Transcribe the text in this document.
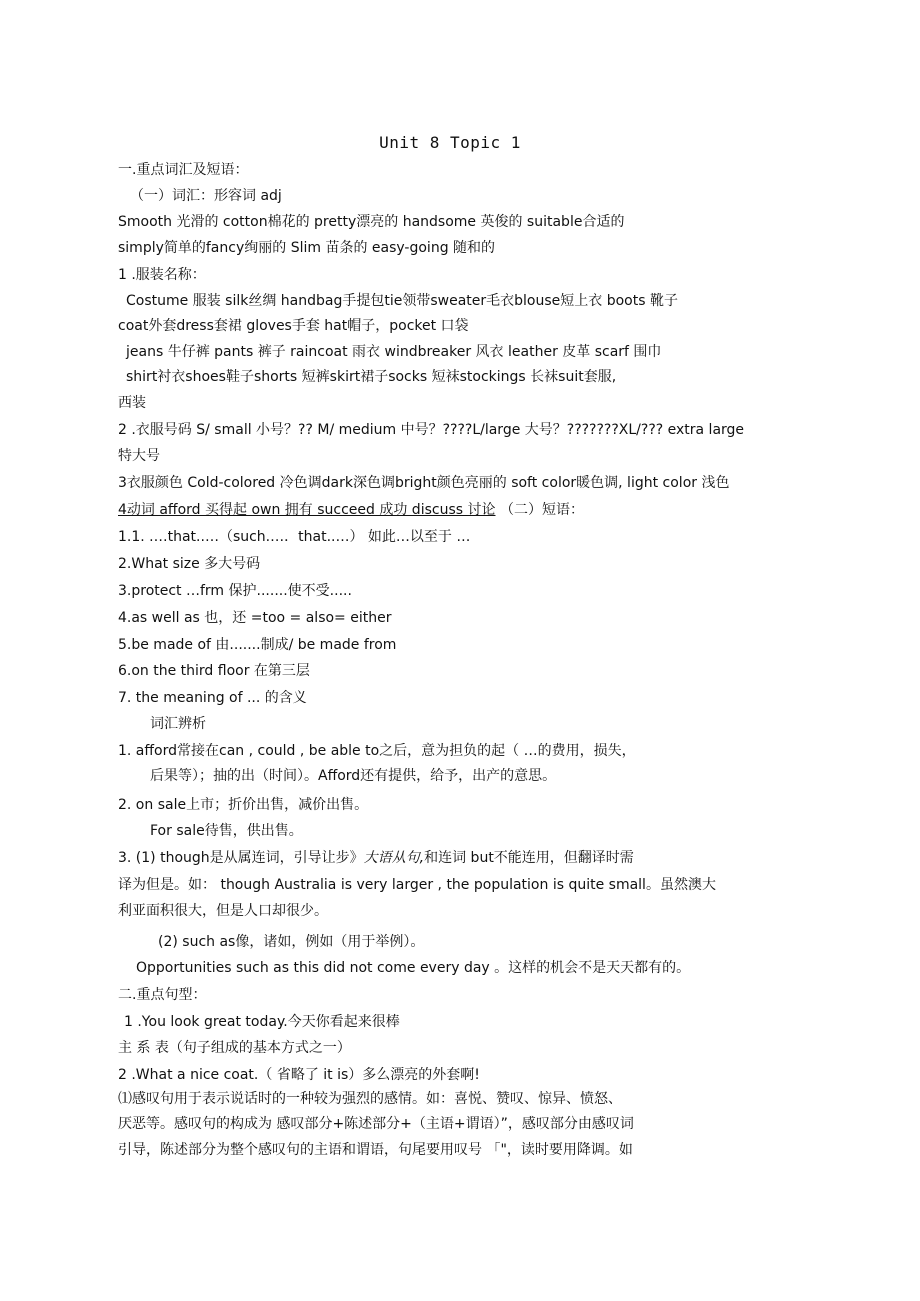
Unit 8 Topic 1
一.重点词汇及短语：
（一）词汇：形容词 adj
Smooth 光滑的 cotton棉花的 pretty漂亮的 handsome 英俊的 suitable合适的
simply简单的fancy绚丽的 Slim 苗条的 easy-going 随和的
1 .服装名称：
Costume 服装 silk丝绸 handbag手提包tie领带sweater毛衣blouse短上衣 boots 靴子
coat外套dress套裙 gloves手套 hat帽子，pocket 口袋
jeans 牛仔裤 pants 裤子 raincoat 雨衣 windbreaker 风衣 leather 皮革 scarf 围巾
shirt衬衣shoes鞋子shorts 短裤skirt裙子socks 短袜stockings 长袜suit套服,
西装
2 .衣服号码 S/ small 小号？?? M/ medium 中号？????L/large 大号？???????XL/??? extra large
特大号
3衣服颜色 Cold-colored 冷色调dark深色调bright颜色亮丽的 soft color暖色调, light color 浅色
4动词 afford 买得起 own 拥有 succeed 成功 discuss 讨论 （二）短语：
1.1. .…that..…（such.…．that..…） 如此…以至于 …
2.What size 多大号码
3.protect …frm 保护.......使不受.....
4.as well as 也，还 =too = also= either
5.be made of 由.......制成/ be made from
6.on the third floor 在第三层
7. the meaning of ... 的含义
词汇辨析
1. afford常接在can , could , be able to之后，意为担负的起（ …的费用，损失，
后果等）；抽的出（时间）。Afford还有提供，给予，出产的意思。
2. on sale上市；折价出售，减价出售。
For sale待售，供出售。
3. (1) though是从属连词，引导让步》大语从句,和连词 but不能连用，但翻译时需
译为但是。如： though Australia is very larger , the population is quite small。虽然澳大
利亚面积很大，但是人口却很少。
(2) such as像，诸如，例如（用于举例）。
Opportunities such as this did not come every day 。这样的机会不是天天都有的。
二.重点句型：
1 .You look great today.今天你看起来很棒
主 系 表（句子组成的基本方式之一）
2 .What a nice coat.（ 省略了 it is）多么漂亮的外套啊!
⑴感叹句用于表示说话时的一种较为强烈的感情。如：喜悦、赞叹、惊异、愤怒、
厌恶等。感叹句的构成为 感叹部分+陈述部分+（主语+谓语）”，感叹部分由感叹词
引导，陈述部分为整个感叹句的主语和谓语，句尾要用叹号 「"，读时要用降调。如
